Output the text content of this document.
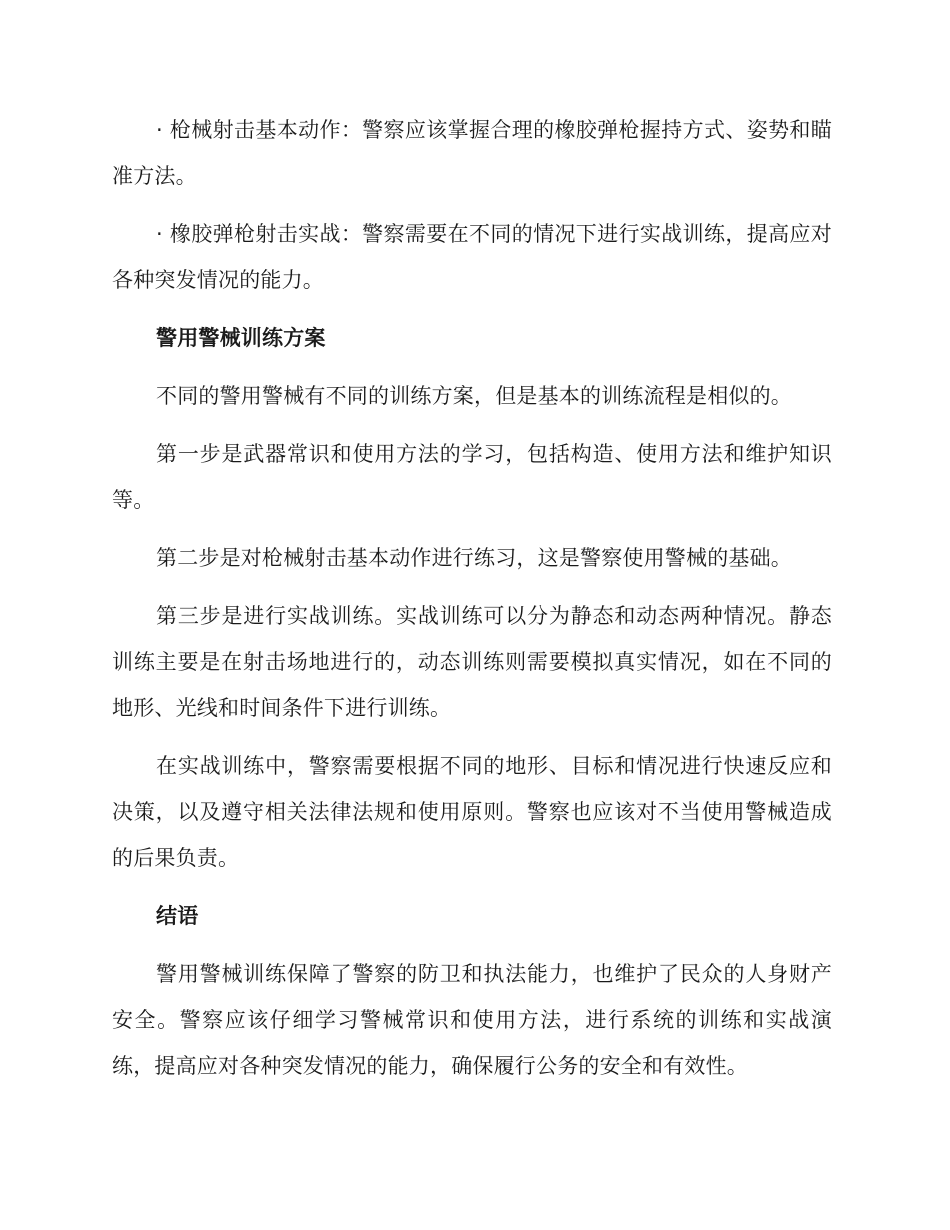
· 枪械射击基本动作：警察应该掌握合理的橡胶弹枪握持方式、姿势和瞄准方法。

· 橡胶弹枪射击实战：警察需要在不同的情况下进行实战训练，提高应对各种突发情况的能力。

警用警械训练方案

不同的警用警械有不同的训练方案，但是基本的训练流程是相似的。

第一步是武器常识和使用方法的学习，包括构造、使用方法和维护知识等。

第二步是对枪械射击基本动作进行练习，这是警察使用警械的基础。

第三步是进行实战训练。实战训练可以分为静态和动态两种情况。静态训练主要是在射击场地进行的，动态训练则需要模拟真实情况，如在不同的地形、光线和时间条件下进行训练。

在实战训练中，警察需要根据不同的地形、目标和情况进行快速反应和决策，以及遵守相关法律法规和使用原则。警察也应该对不当使用警械造成的后果负责。

结语

警用警械训练保障了警察的防卫和执法能力，也维护了民众的人身财产安全。警察应该仔细学习警械常识和使用方法，进行系统的训练和实战演练，提高应对各种突发情况的能力，确保履行公务的安全和有效性。
